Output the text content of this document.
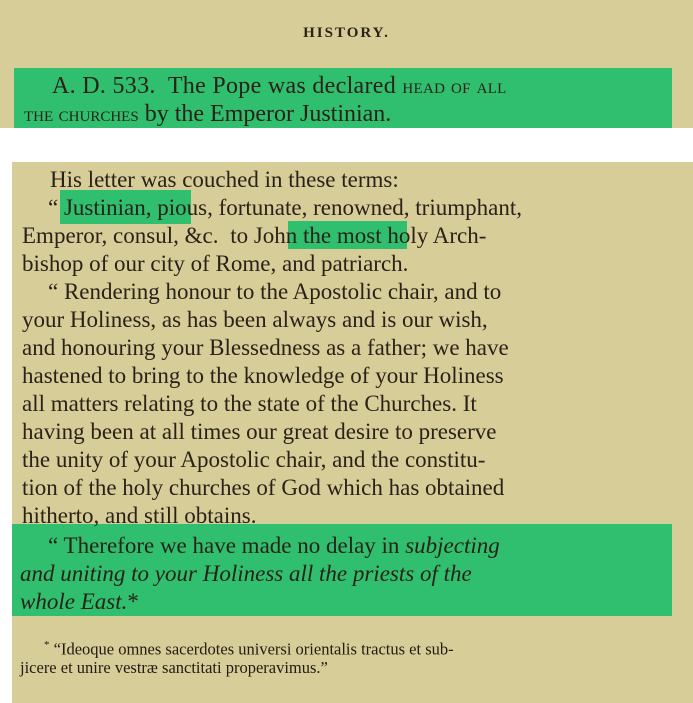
HISTORY.
A. D. 533.  The Pope was declared head of all
the churches by the Emperor Justinian.
His letter was couched in these terms:
“ Justinian, pious, fortunate, renowned, triumphant,
Emperor, consul, &c. to John the most holy Arch-
bishop of our city of Rome, and patriarch.
“ Rendering honour to the Apostolic chair, and to
your Holiness, as has been always and is our wish,
and honouring your Blessedness as a father; we have
hastened to bring to the knowledge of your Holiness
all matters relating to the state of the Churches. It
having been at all times our great desire to preserve
the unity of your Apostolic chair, and the constitu-
tion of the holy churches of God which has obtained
hitherto, and still obtains.
“ Therefore we have made no delay in subjecting
and uniting to your Holiness all the priests of the
whole East.*
* “Ideoque omnes sacerdotes universi orientalis tractus et sub-
jicere et unire vestræ sanctitati properavimus.”
